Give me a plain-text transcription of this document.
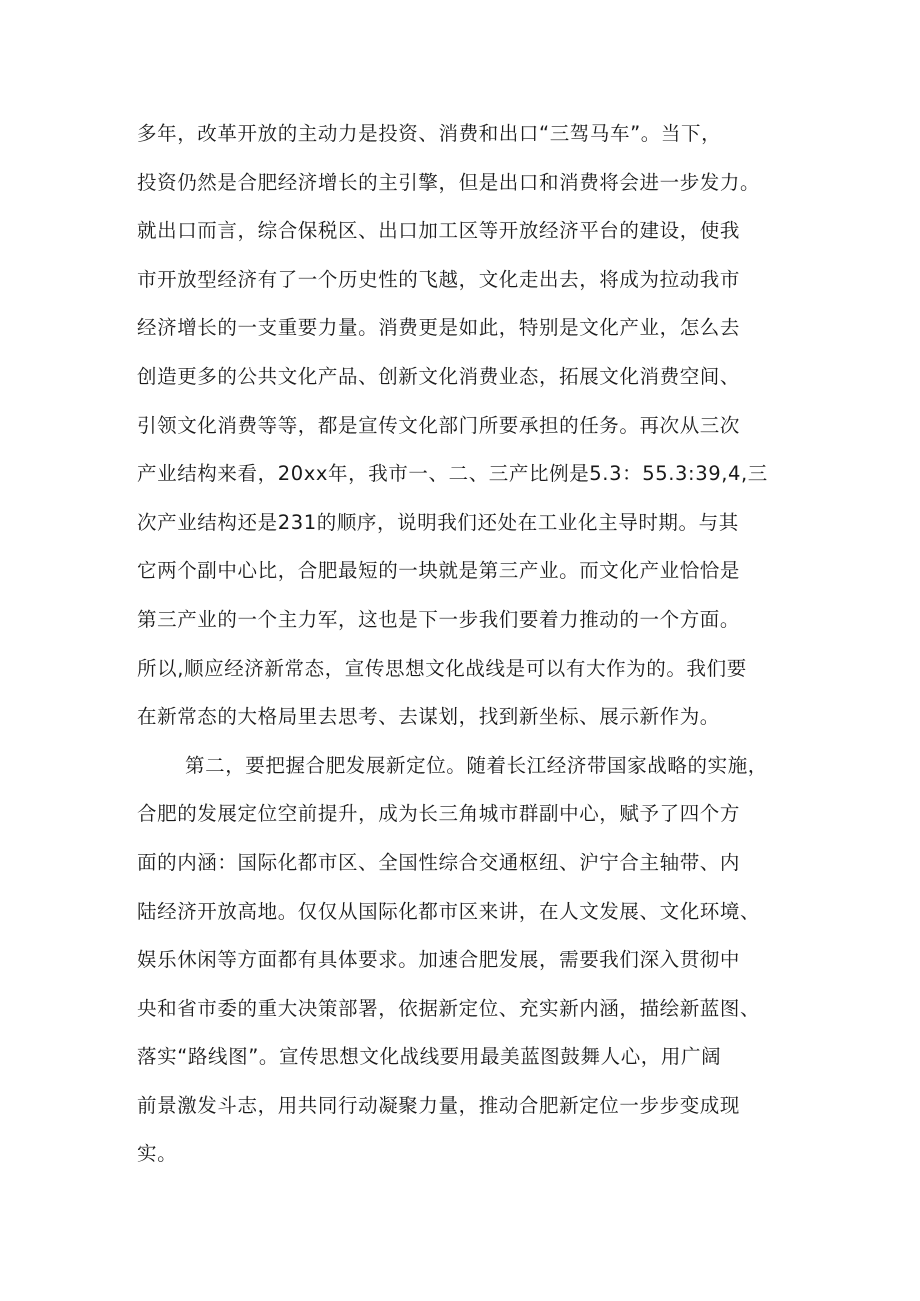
多年，改革开放的主动力是投资、消费和出口“三驾马车”。当下，
投资仍然是合肥经济增长的主引擎，但是出口和消费将会进一步发力。
就出口而言，综合保税区、出口加工区等开放经济平台的建设，使我
市开放型经济有了一个历史性的飞越，文化走出去，将成为拉动我市
经济增长的一支重要力量。消费更是如此，特别是文化产业，怎么去
创造更多的公共文化产品、创新文化消费业态，拓展文化消费空间、
引领文化消费等等，都是宣传文化部门所要承担的任务。再次从三次
产业结构来看，20xx年，我市一、二、三产比例是5.3：55.3:39,4,三
次产业结构还是231的顺序，说明我们还处在工业化主导时期。与其
它两个副中心比，合肥最短的一块就是第三产业。而文化产业恰恰是
第三产业的一个主力军，这也是下一步我们要着力推动的一个方面。
所以,顺应经济新常态，宣传思想文化战线是可以有大作为的。我们要
在新常态的大格局里去思考、去谋划，找到新坐标、展示新作为。
第二，要把握合肥发展新定位。随着长江经济带国家战略的实施，
合肥的发展定位空前提升，成为长三角城市群副中心，赋予了四个方
面的内涵：国际化都市区、全国性综合交通枢纽、沪宁合主轴带、内
陆经济开放高地。仅仅从国际化都市区来讲，在人文发展、文化环境、
娱乐休闲等方面都有具体要求。加速合肥发展，需要我们深入贯彻中
央和省市委的重大决策部署，依据新定位、充实新内涵，描绘新蓝图、
落实“路线图”。宣传思想文化战线要用最美蓝图鼓舞人心，用广阔
前景激发斗志，用共同行动凝聚力量，推动合肥新定位一步步变成现
实。
